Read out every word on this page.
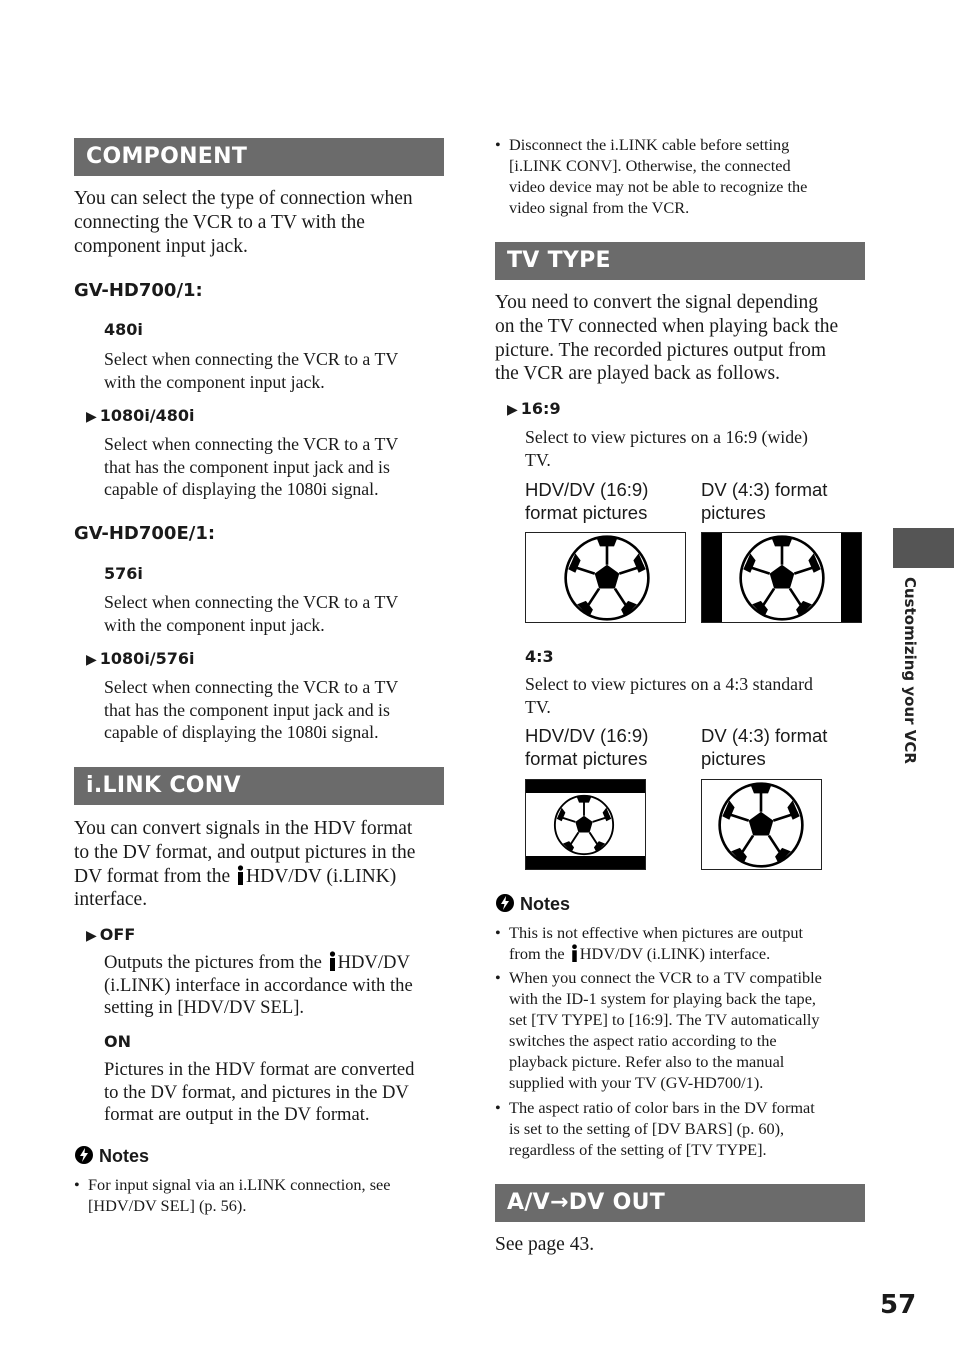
COMPONENT
You can select the type of connection when
connecting the VCR to a TV with the
component input jack.
GV-HD700/1:
480i
Select when connecting the VCR to a TV
with the component input jack.
▶ 1080i/480i
Select when connecting the VCR to a TV
that has the component input jack and is
capable of displaying the 1080i signal.
GV-HD700E/1:
576i
Select when connecting the VCR to a TV
with the component input jack.
▶ 1080i/576i
Select when connecting the VCR to a TV
that has the component input jack and is
capable of displaying the 1080i signal.
i.LINK CONV
You can convert signals in the HDV format
to the DV format, and output pictures in the
DV format from the HDV/DV (i.LINK)
interface.
▶ OFF
Outputs the pictures from the HDV/DV
(i.LINK) interface in accordance with the
setting in [HDV/DV SEL].
ON
Pictures in the HDV format are converted
to the DV format, and pictures in the DV
format are output in the DV format.
Notes
• For input signal via an i.LINK connection, see
[HDV/DV SEL] (p. 56).
• Disconnect the i.LINK cable before setting
[i.LINK CONV]. Otherwise, the connected
video device may not be able to recognize the
video signal from the VCR.
TV TYPE
You need to convert the signal depending
on the TV connected when playing back the
picture. The recorded pictures output from
the VCR are played back as follows.
▶ 16:9
Select to view pictures on a 16:9 (wide)
TV.
HDV/DV (16:9)
format pictures
DV (4:3) format
pictures
4:3
Select to view pictures on a 4:3 standard
TV.
HDV/DV (16:9)
format pictures
DV (4:3) format
pictures
Notes
• This is not effective when pictures are output
from the HDV/DV (i.LINK) interface.
• When you connect the VCR to a TV compatible
with the ID-1 system for playing back the tape,
set [TV TYPE] to [16:9]. The TV automatically
switches the aspect ratio according to the
playback picture. Refer also to the manual
supplied with your TV (GV-HD700/1).
• The aspect ratio of color bars in the DV format
is set to the setting of [DV BARS] (p. 60),
regardless of the setting of [TV TYPE].
A/V→DV OUT
See page 43.
Customizing your VCR
57
